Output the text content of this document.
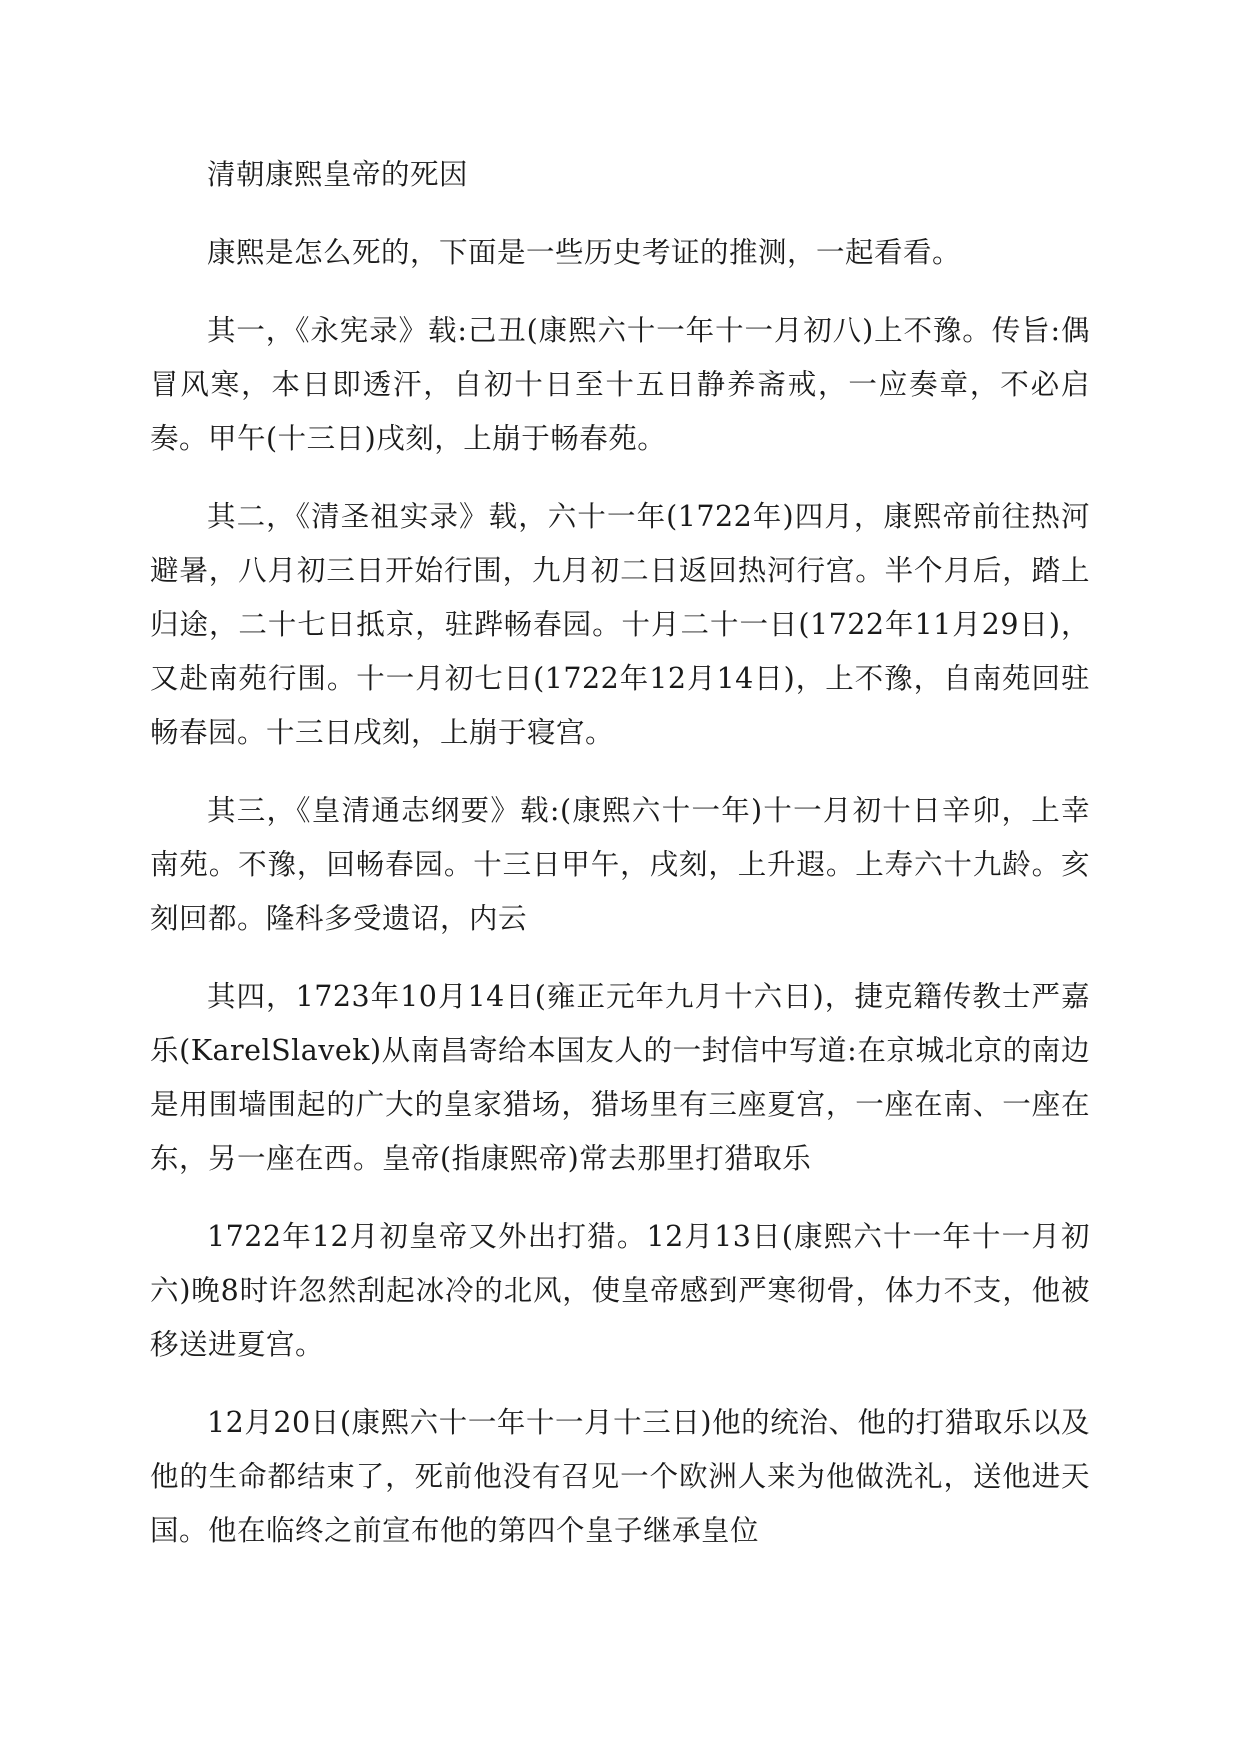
清朝康熙皇帝的死因

康熙是怎么死的，下面是一些历史考证的推测，一起看看。

其一，《永宪录》载:己丑(康熙六十一年十一月初八)上不豫。传旨:偶冒风寒，本日即透汗，自初十日至十五日静养斋戒，一应奏章，不必启奏。甲午(十三日)戌刻，上崩于畅春苑。

其二，《清圣祖实录》载，六十一年(1722年)四月，康熙帝前往热河避暑，八月初三日开始行围，九月初二日返回热河行宫。半个月后，踏上归途，二十七日抵京，驻跸畅春园。十月二十一日(1722年11月29日)，又赴南苑行围。十一月初七日(1722年12月14日)，上不豫，自南苑回驻畅春园。十三日戌刻，上崩于寝宫。

其三，《皇清通志纲要》载:(康熙六十一年)十一月初十日辛卯，上幸南苑。不豫，回畅春园。十三日甲午，戌刻，上升遐。上寿六十九龄。亥刻回都。隆科多受遗诏，内云

其四，1723年10月14日(雍正元年九月十六日)，捷克籍传教士严嘉乐(KarelSlavek)从南昌寄给本国友人的一封信中写道:在京城北京的南边是用围墙围起的广大的皇家猎场，猎场里有三座夏宫，一座在南、一座在东，另一座在西。皇帝(指康熙帝)常去那里打猎取乐

1722年12月初皇帝又外出打猎。12月13日(康熙六十一年十一月初六)晚8时许忽然刮起冰冷的北风，使皇帝感到严寒彻骨，体力不支，他被移送进夏宫。

12月20日(康熙六十一年十一月十三日)他的统治、他的打猎取乐以及他的生命都结束了，死前他没有召见一个欧洲人来为他做洗礼，送他进天国。他在临终之前宣布他的第四个皇子继承皇位
